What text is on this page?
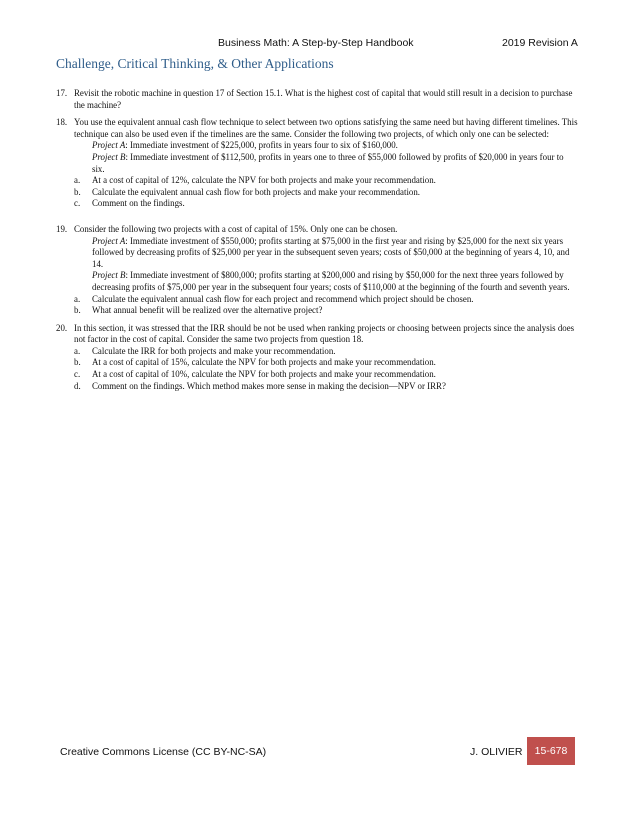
Business Math: A Step-by-Step Handbook	2019 Revision A
Challenge, Critical Thinking, & Other Applications
17. Revisit the robotic machine in question 17 of Section 15.1. What is the highest cost of capital that would still result in a decision to purchase the machine?
18. You use the equivalent annual cash flow technique to select between two options satisfying the same need but having different timelines. This technique can also be used even if the timelines are the same. Consider the following two projects, of which only one can be selected:
Project A: Immediate investment of $225,000, profits in years four to six of $160,000.
Project B: Immediate investment of $112,500, profits in years one to three of $55,000 followed by profits of $20,000 in years four to six.
a. At a cost of capital of 12%, calculate the NPV for both projects and make your recommendation.
b. Calculate the equivalent annual cash flow for both projects and make your recommendation.
c. Comment on the findings.
19. Consider the following two projects with a cost of capital of 15%. Only one can be chosen.
Project A: Immediate investment of $550,000; profits starting at $75,000 in the first year and rising by $25,000 for the next six years followed by decreasing profits of $25,000 per year in the subsequent seven years; costs of $50,000 at the beginning of years 4, 10, and 14.
Project B: Immediate investment of $800,000; profits starting at $200,000 and rising by $50,000 for the next three years followed by decreasing profits of $75,000 per year in the subsequent four years; costs of $110,000 at the beginning of the fourth and seventh years.
a. Calculate the equivalent annual cash flow for each project and recommend which project should be chosen.
b. What annual benefit will be realized over the alternative project?
20. In this section, it was stressed that the IRR should be not be used when ranking projects or choosing between projects since the analysis does not factor in the cost of capital. Consider the same two projects from question 18.
a. Calculate the IRR for both projects and make your recommendation.
b. At a cost of capital of 15%, calculate the NPV for both projects and make your recommendation.
c. At a cost of capital of 10%, calculate the NPV for both projects and make your recommendation.
d. Comment on the findings. Which method makes more sense in making the decision—NPV or IRR?
Creative Commons License (CC BY-NC-SA)	J. OLIVIER	15-678
